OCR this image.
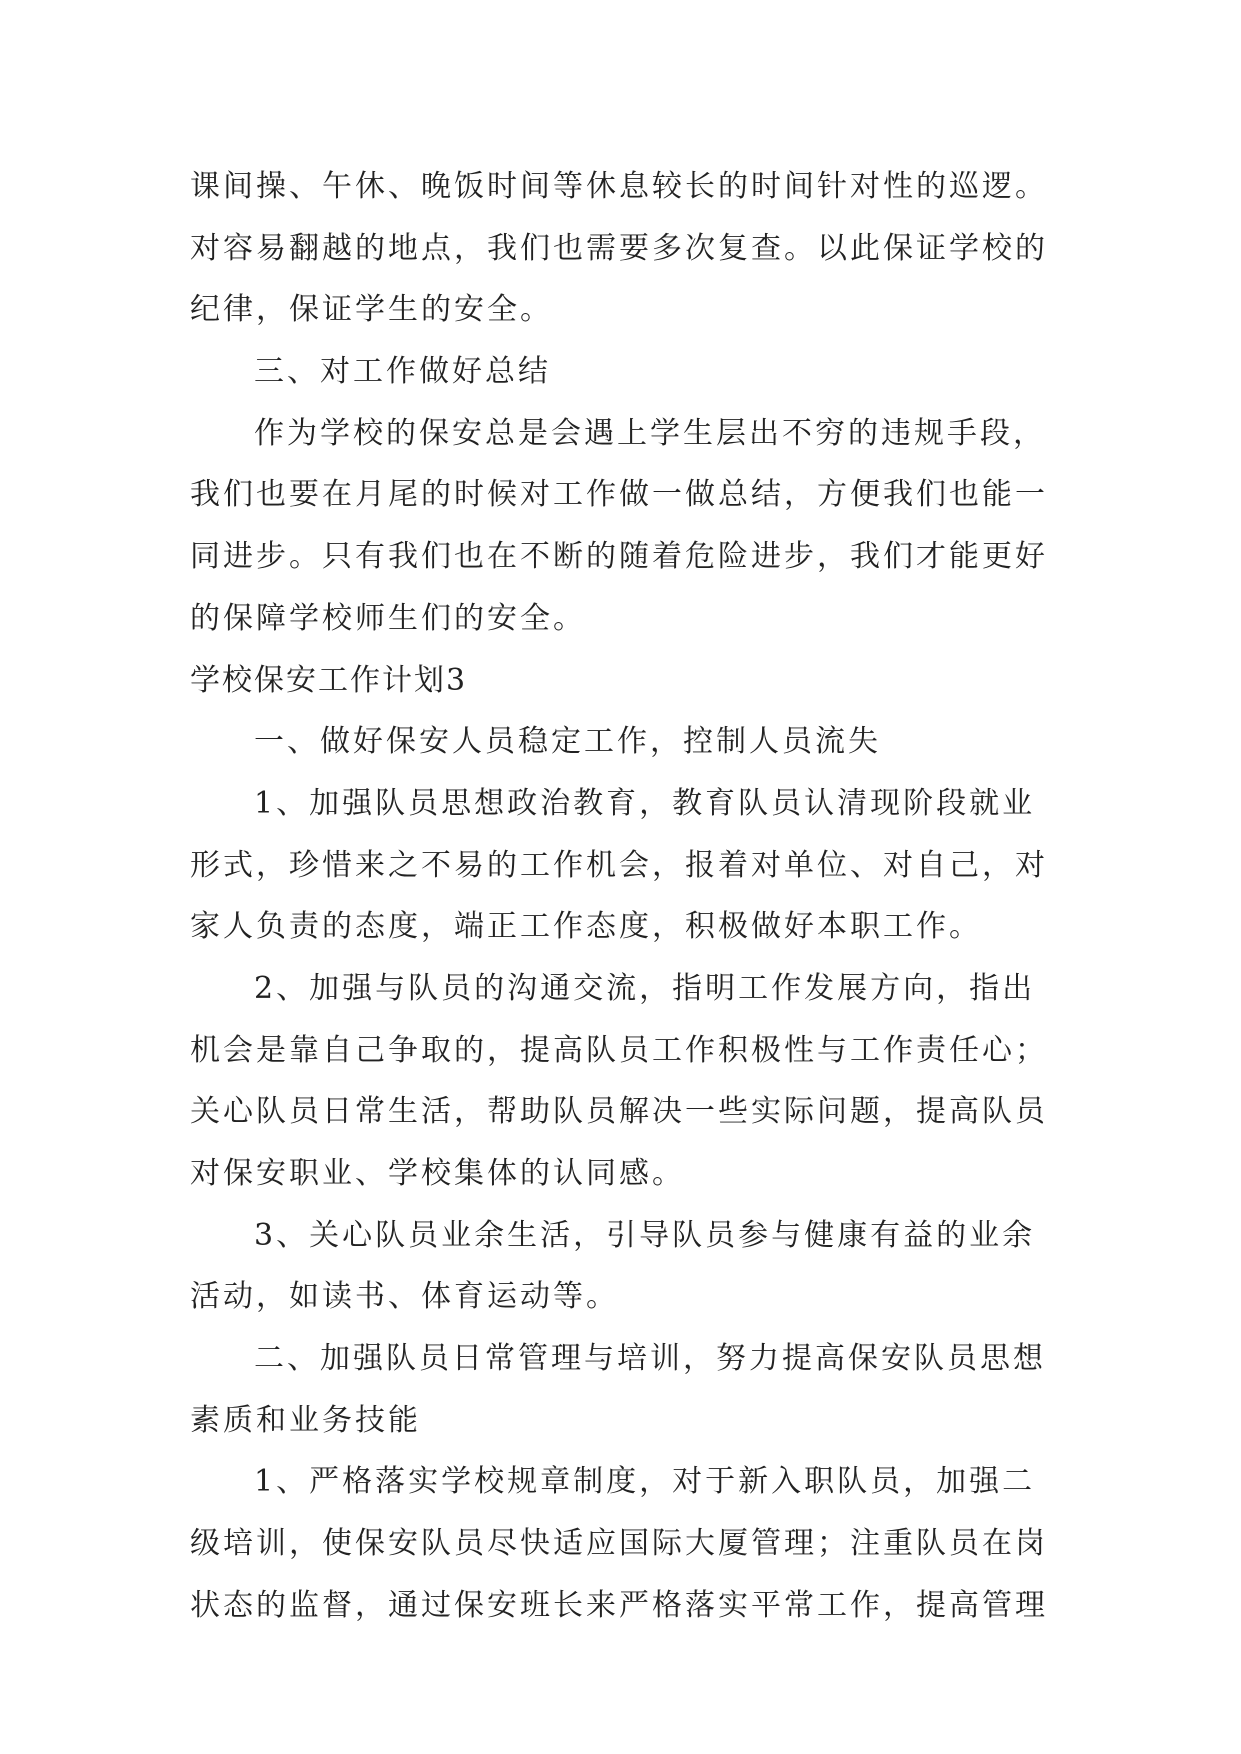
课间操、午休、晚饭时间等休息较长的时间针对性的巡逻。
对容易翻越的地点，我们也需要多次复查。以此保证学校的
纪律，保证学生的安全。
三、对工作做好总结
作为学校的保安总是会遇上学生层出不穷的违规手段，
我们也要在月尾的时候对工作做一做总结，方便我们也能一
同进步。只有我们也在不断的随着危险进步，我们才能更好
的保障学校师生们的安全。
学校保安工作计划3
一、做好保安人员稳定工作，控制人员流失
1、加强队员思想政治教育，教育队员认清现阶段就业
形式，珍惜来之不易的工作机会，报着对单位、对自己，对
家人负责的态度，端正工作态度，积极做好本职工作。
2、加强与队员的沟通交流，指明工作发展方向，指出
机会是靠自己争取的，提高队员工作积极性与工作责任心；
关心队员日常生活，帮助队员解决一些实际问题，提高队员
对保安职业、学校集体的认同感。
3、关心队员业余生活，引导队员参与健康有益的业余
活动，如读书、体育运动等。
二、加强队员日常管理与培训，努力提高保安队员思想
素质和业务技能
1、严格落实学校规章制度，对于新入职队员，加强二
级培训，使保安队员尽快适应国际大厦管理；注重队员在岗
状态的监督，通过保安班长来严格落实平常工作，提高管理
